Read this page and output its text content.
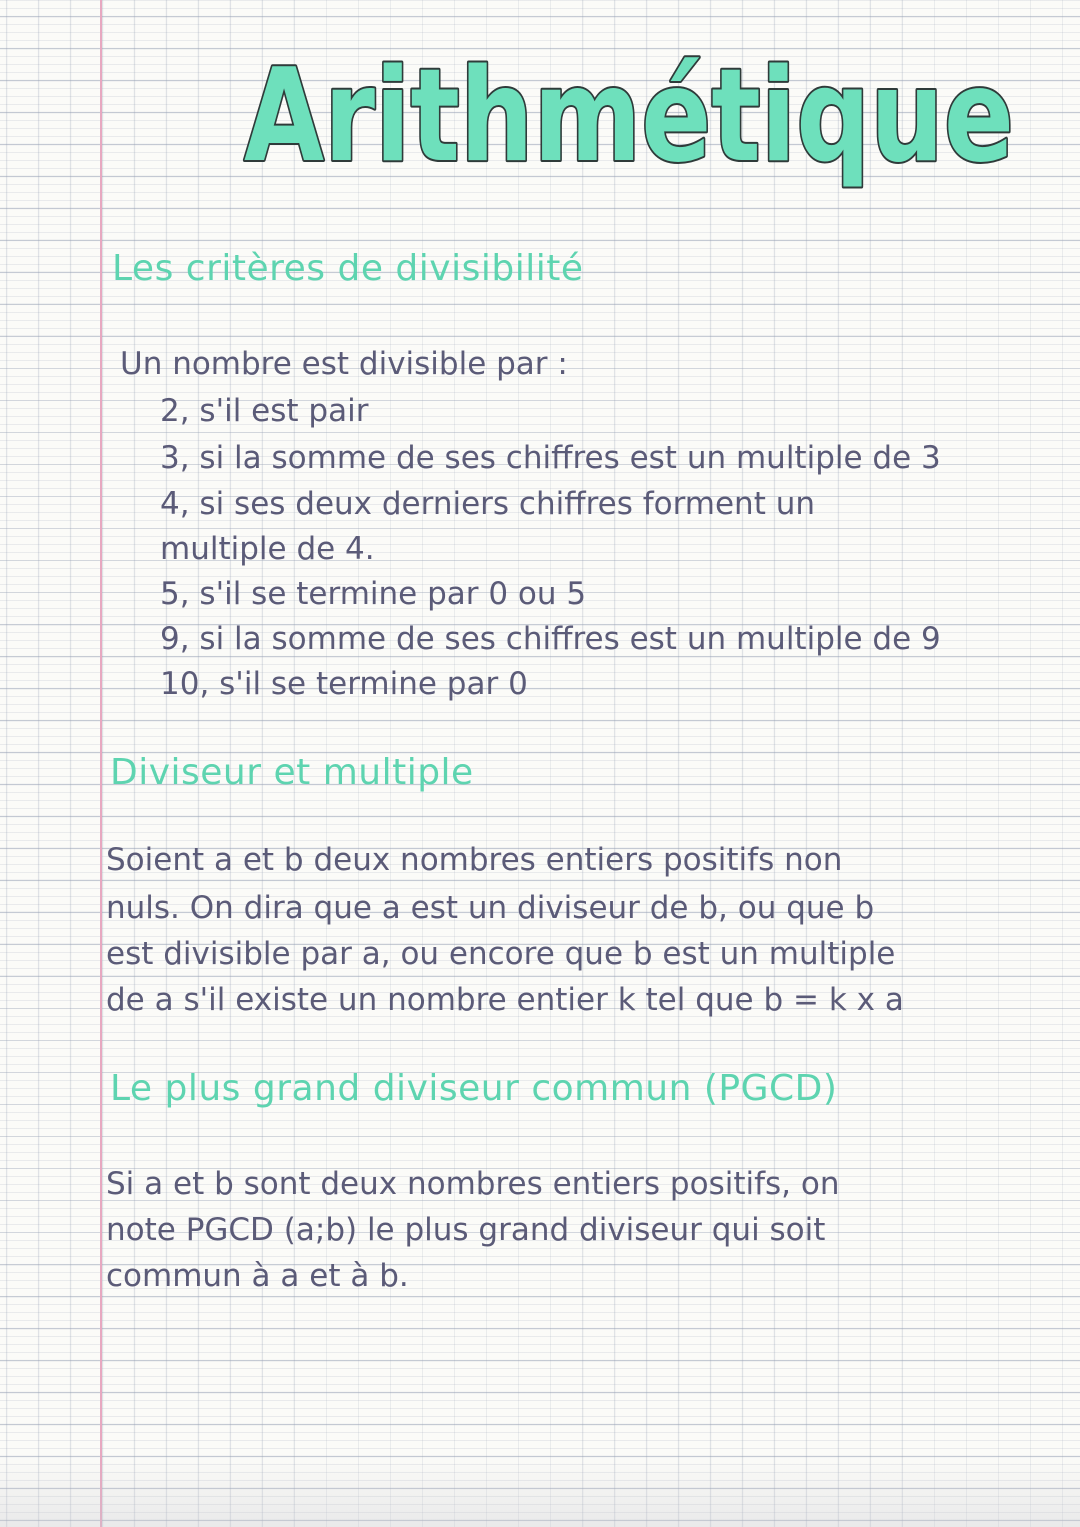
Arithmétique
Les critères de divisibilité
Un nombre est divisible par :
2, s'il est pair
3, si la somme de ses chiffres est un multiple de 3
4, si ses deux derniers chiffres forment un
multiple de 4.
5, s'il se termine par 0 ou 5
9, si la somme de ses chiffres est un multiple de 9
10, s'il se termine par 0
Diviseur et multiple
Soient a et b deux nombres entiers positifs non
nuls. On dira que a est un diviseur de b, ou que b
est divisible par a, ou encore que b est un multiple
de a s'il existe un nombre entier k tel que b = k x a
Le plus grand diviseur commun (PGCD)
Si a et b sont deux nombres entiers positifs, on
note PGCD (a;b) le plus grand diviseur qui soit
commun à a et à b.
